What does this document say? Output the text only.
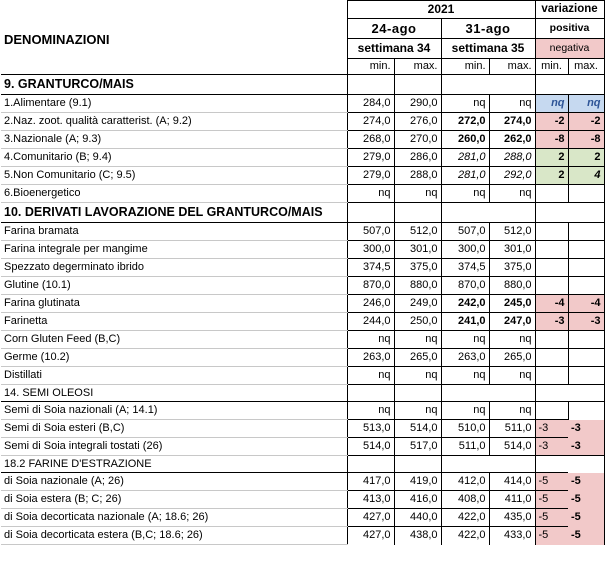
DENOMINAZIONI	2021				variazione	
	24-ago		31-ago		positiva	
	settimana 34		settimana 35		negativa	
	min.	max.	min.	max.	min.	max.
9. GRANTURCO/MAIS						
1.Alimentare (9.1)	284,0	290,0	nq	nq	nq	nq
2.Naz. zoot. qualità caratterist. (A; 9.2)	274,0	276,0	272,0	274,0	-2	-2
3.Nazionale (A; 9.3)	268,0	270,0	260,0	262,0	-8	-8
4.Comunitario (B; 9.4)	279,0	286,0	281,0	288,0	2	2
5.Non Comunitario (C; 9.5)	279,0	288,0	281,0	292,0	2	4
6.Bioenergetico	nq	nq	nq	nq		
10. DERIVATI LAVORAZIONE DEL GRANTURCO/MAIS						
Farina bramata	507,0	512,0	507,0	512,0		
Farina integrale per mangime	300,0	301,0	300,0	301,0		
Spezzato degerminato ibrido	374,5	375,0	374,5	375,0		
Glutine (10.1)	870,0	880,0	870,0	880,0		
Farina glutinata	246,0	249,0	242,0	245,0	-4	-4
Farinetta	244,0	250,0	241,0	247,0	-3	-3
Corn Gluten Feed (B,C)	nq	nq	nq	nq		
Germe (10.2)	263,0	265,0	263,0	265,0		
Distillati	nq	nq	nq	nq		
14. SEMI OLEOSI						
Semi di Soia nazionali (A; 14.1)	nq	nq	nq	nq		
Semi di Soia esteri (B,C)	513,0	514,0	510,0	511,0	-3	-3
Semi di Soia integrali tostati (26)	514,0	517,0	511,0	514,0	-3	-3
18.2 FARINE D'ESTRAZIONE						
di Soia nazionale (A; 26)	417,0	419,0	412,0	414,0	-5	-5
di Soia estera (B; C; 26)	413,0	416,0	408,0	411,0	-5	-5
di Soia decorticata nazionale (A; 18.6; 26)	427,0	440,0	422,0	435,0	-5	-5
di Soia decorticata estera (B,C; 18.6; 26)	427,0	438,0	422,0	433,0	-5	-5
